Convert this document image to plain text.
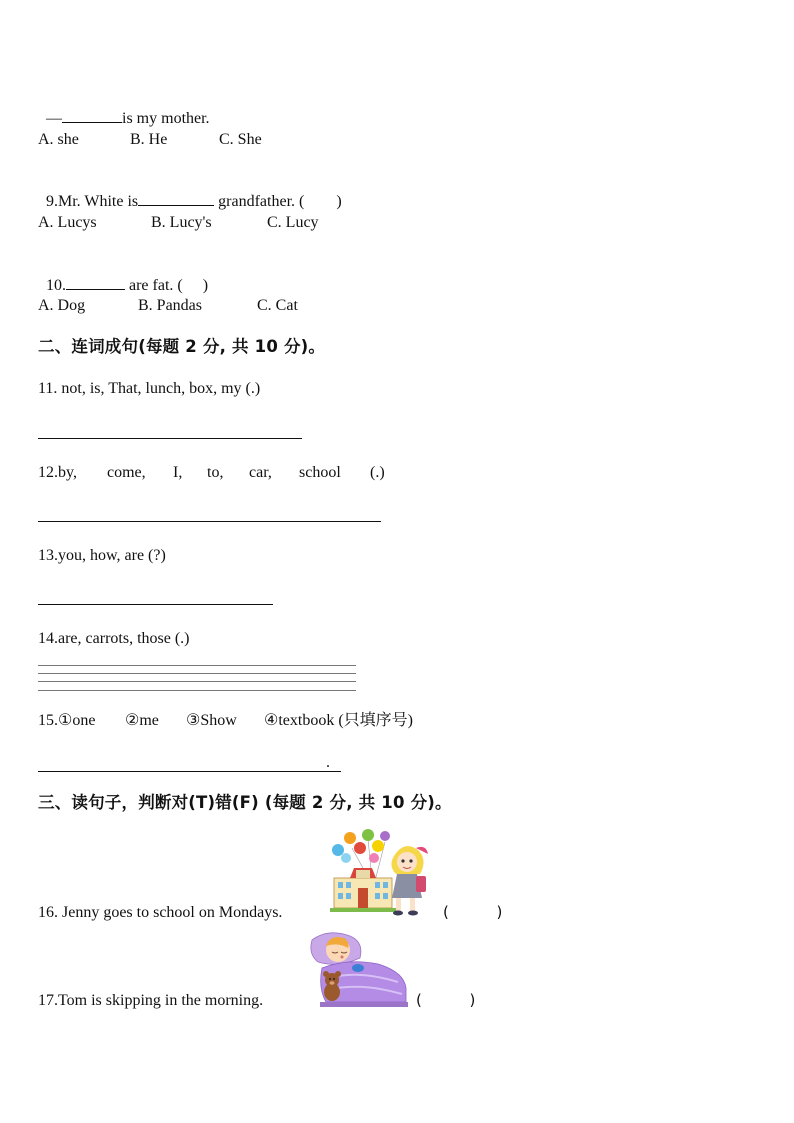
—	is my mother.

A. she	B. He	C. She

9.Mr. White is	grandfather. (        )

A. Lucys	B. Lucy's	C. Lucy

10.	are fat. (     )

A. Dog	B. Pandas	C. Cat
二、连词成句(每题 2 分, 共 10 分)。
11. not, is, That, lunch, box, my (.)
12.by, come, I, to, car, school (.)
13.you, how, are (?)
14.are, carrots, those (.)
15.①one ②me ③Show ④textbook (只填序号)
.
三、读句子，判断对(T)错(F) (每题 2 分, 共 10 分)。
16. Jenny goes to school on Mondays.	(          )
17.Tom is skipping in the morning.	(          )
